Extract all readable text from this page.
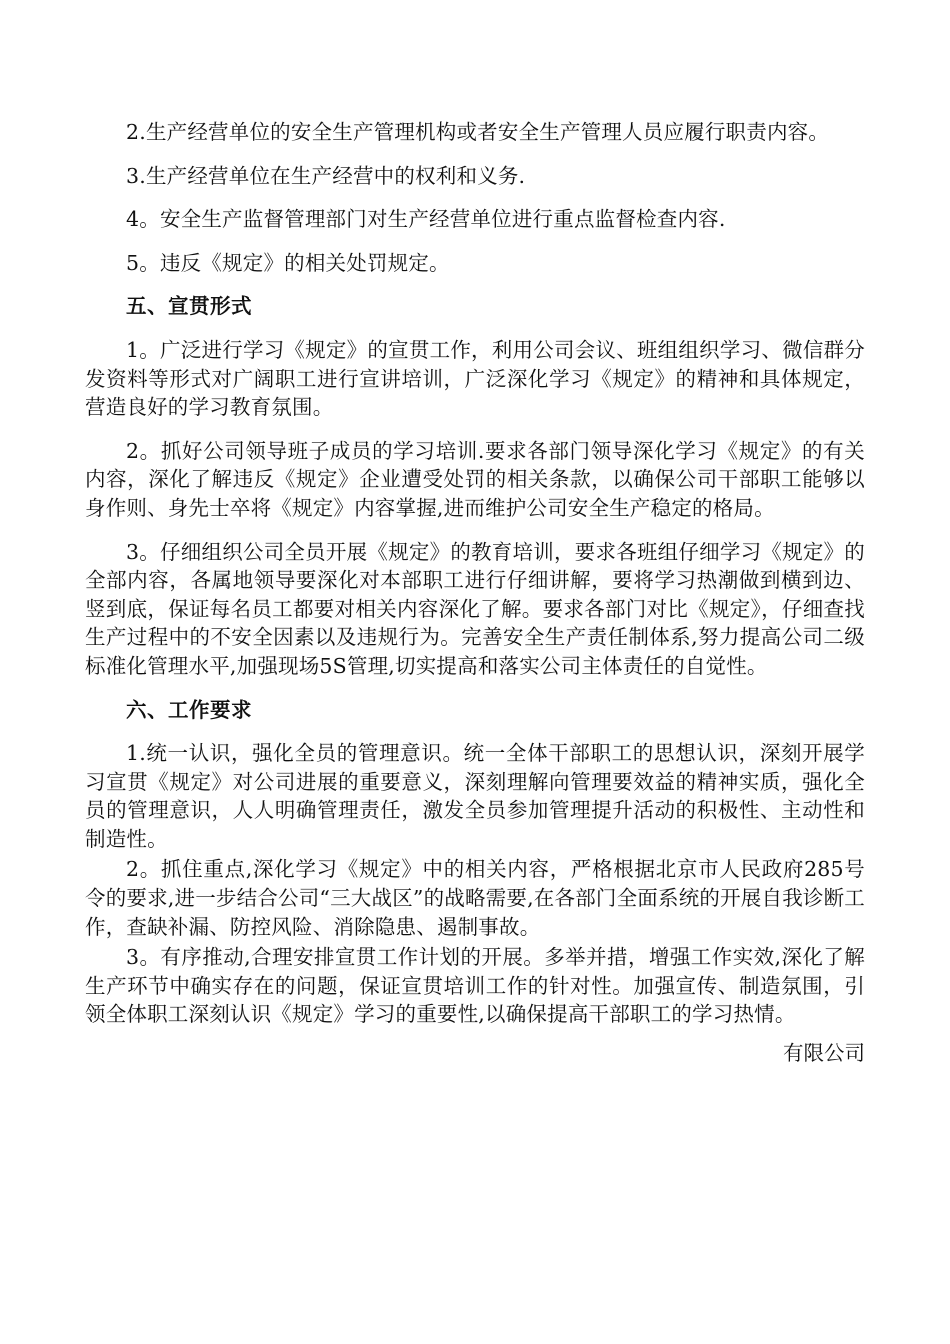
2.生产经营单位的安全生产管理机构或者安全生产管理人员应履行职责内容。

3.生产经营单位在生产经营中的权利和义务.

4。安全生产监督管理部门对生产经营单位进行重点监督检查内容.

5。违反《规定》的相关处罚规定。

五、宣贯形式

1。广泛进行学习《规定》的宣贯工作，利用公司会议、班组组织学习、微信群分发资料等形式对广阔职工进行宣讲培训，广泛深化学习《规定》的精神和具体规定，营造良好的学习教育氛围。

2。抓好公司领导班子成员的学习培训.要求各部门领导深化学习《规定》的有关内容，深化了解违反《规定》企业遭受处罚的相关条款，以确保公司干部职工能够以身作则、身先士卒将《规定》内容掌握,进而维护公司安全生产稳定的格局。

3。仔细组织公司全员开展《规定》的教育培训，要求各班组仔细学习《规定》的全部内容，各属地领导要深化对本部职工进行仔细讲解，要将学习热潮做到横到边、竖到底，保证每名员工都要对相关内容深化了解。要求各部门对比《规定》，仔细查找生产过程中的不安全因素以及违规行为。完善安全生产责任制体系,努力提高公司二级标准化管理水平,加强现场5S管理,切实提高和落实公司主体责任的自觉性。

六、工作要求

1.统一认识，强化全员的管理意识。统一全体干部职工的思想认识，深刻开展学习宣贯《规定》对公司进展的重要意义，深刻理解向管理要效益的精神实质，强化全员的管理意识，人人明确管理责任，激发全员参加管理提升活动的积极性、主动性和制造性。

2。抓住重点,深化学习《规定》中的相关内容，严格根据北京市人民政府285号令的要求,进一步结合公司“三大战区”的战略需要,在各部门全面系统的开展自我诊断工作，查缺补漏、防控风险、消除隐患、遏制事故。

3。有序推动,合理安排宣贯工作计划的开展。多举并措，增强工作实效,深化了解生产环节中确实存在的问题，保证宣贯培训工作的针对性。加强宣传、制造氛围，引领全体职工深刻认识《规定》学习的重要性,以确保提高干部职工的学习热情。

有限公司
